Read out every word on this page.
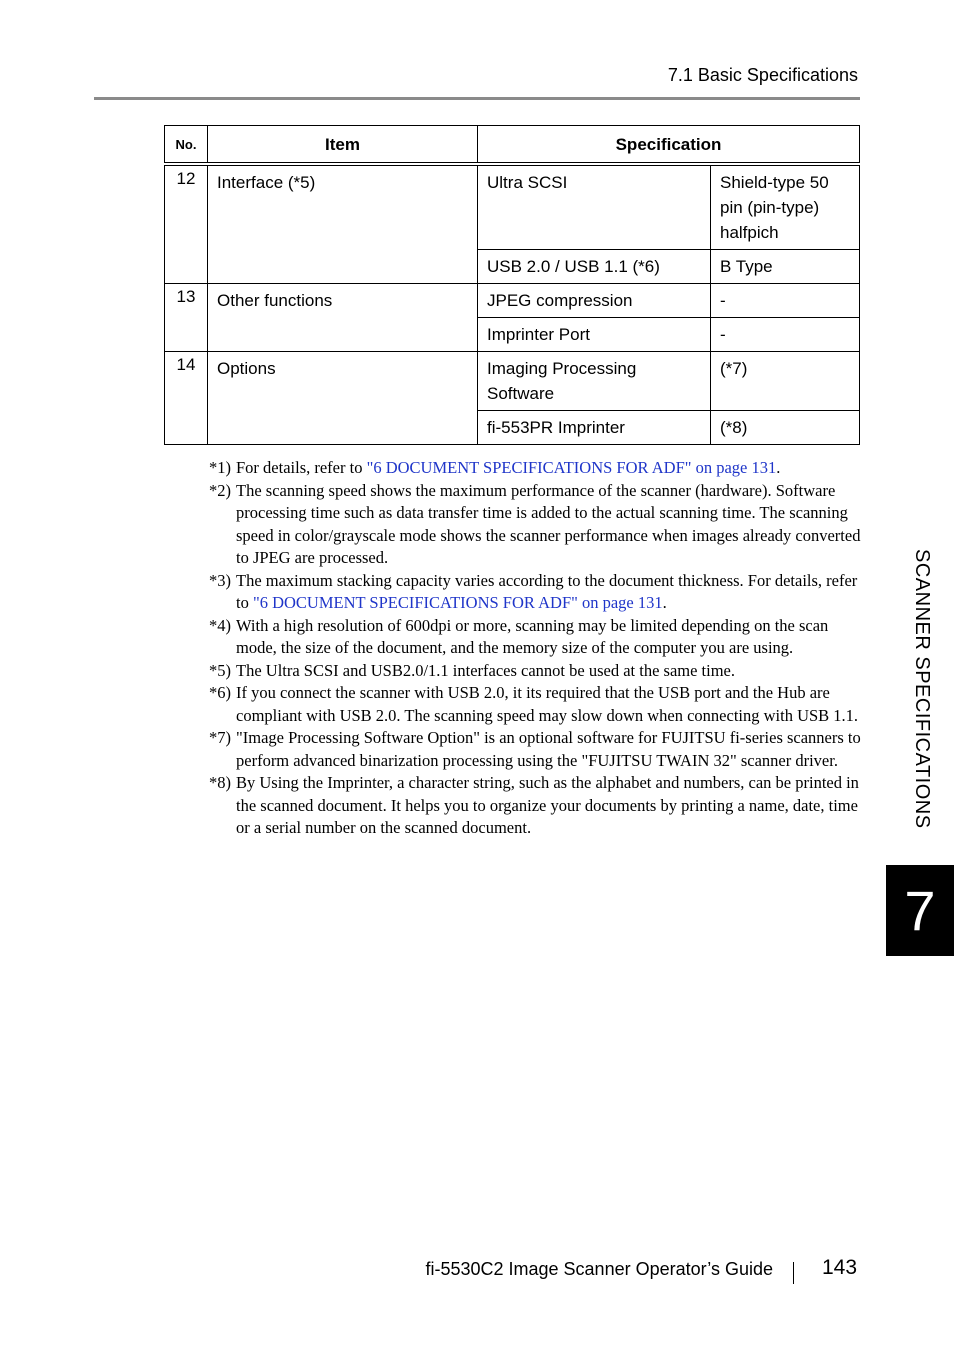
7.1 Basic Specifications
No.	Item	Specification	
12	Interface (*5)	Ultra SCSI	Shield-type 50 pin (pin-type) halfpich
		USB 2.0 / USB 1.1 (*6)	B Type
13	Other functions	JPEG compression	-
		Imprinter Port	-
14	Options	Imaging Processing Software	(*7)
		fi-553PR Imprinter	(*8)
*1) For details, refer to "6 DOCUMENT SPECIFICATIONS FOR ADF" on page 131.
*2) The scanning speed shows the maximum performance of the scanner (hardware). Software processing time such as data transfer time is added to the actual scanning time. The scanning speed in color/grayscale mode shows the scanner performance when images already converted to JPEG are processed.
*3) The maximum stacking capacity varies according to the document thickness. For details, refer to "6 DOCUMENT SPECIFICATIONS FOR ADF" on page 131.
*4) With a high resolution of 600dpi or more, scanning may be limited depending on the scan mode, the size of the document, and the memory size of the computer you are using.
*5) The Ultra SCSI and USB2.0/1.1 interfaces cannot be used at the same time.
*6) If you connect the scanner with USB 2.0, it its required that the USB port and the Hub are compliant with USB 2.0. The scanning speed may slow down when connecting with USB 1.1.
*7) "Image Processing Software Option" is an optional software for FUJITSU fi-series scanners to perform advanced binarization processing using the "FUJITSU TWAIN 32" scanner driver.
*8) By Using the Imprinter, a character string, such as the alphabet and numbers, can be printed in the scanned document. It helps you to organize your documents by printing a name, date, time or a serial number on the scanned document.	SCANNER SPECIFICATIONS
7
fi-5530C2 Image Scanner Operator’s Guide 143
